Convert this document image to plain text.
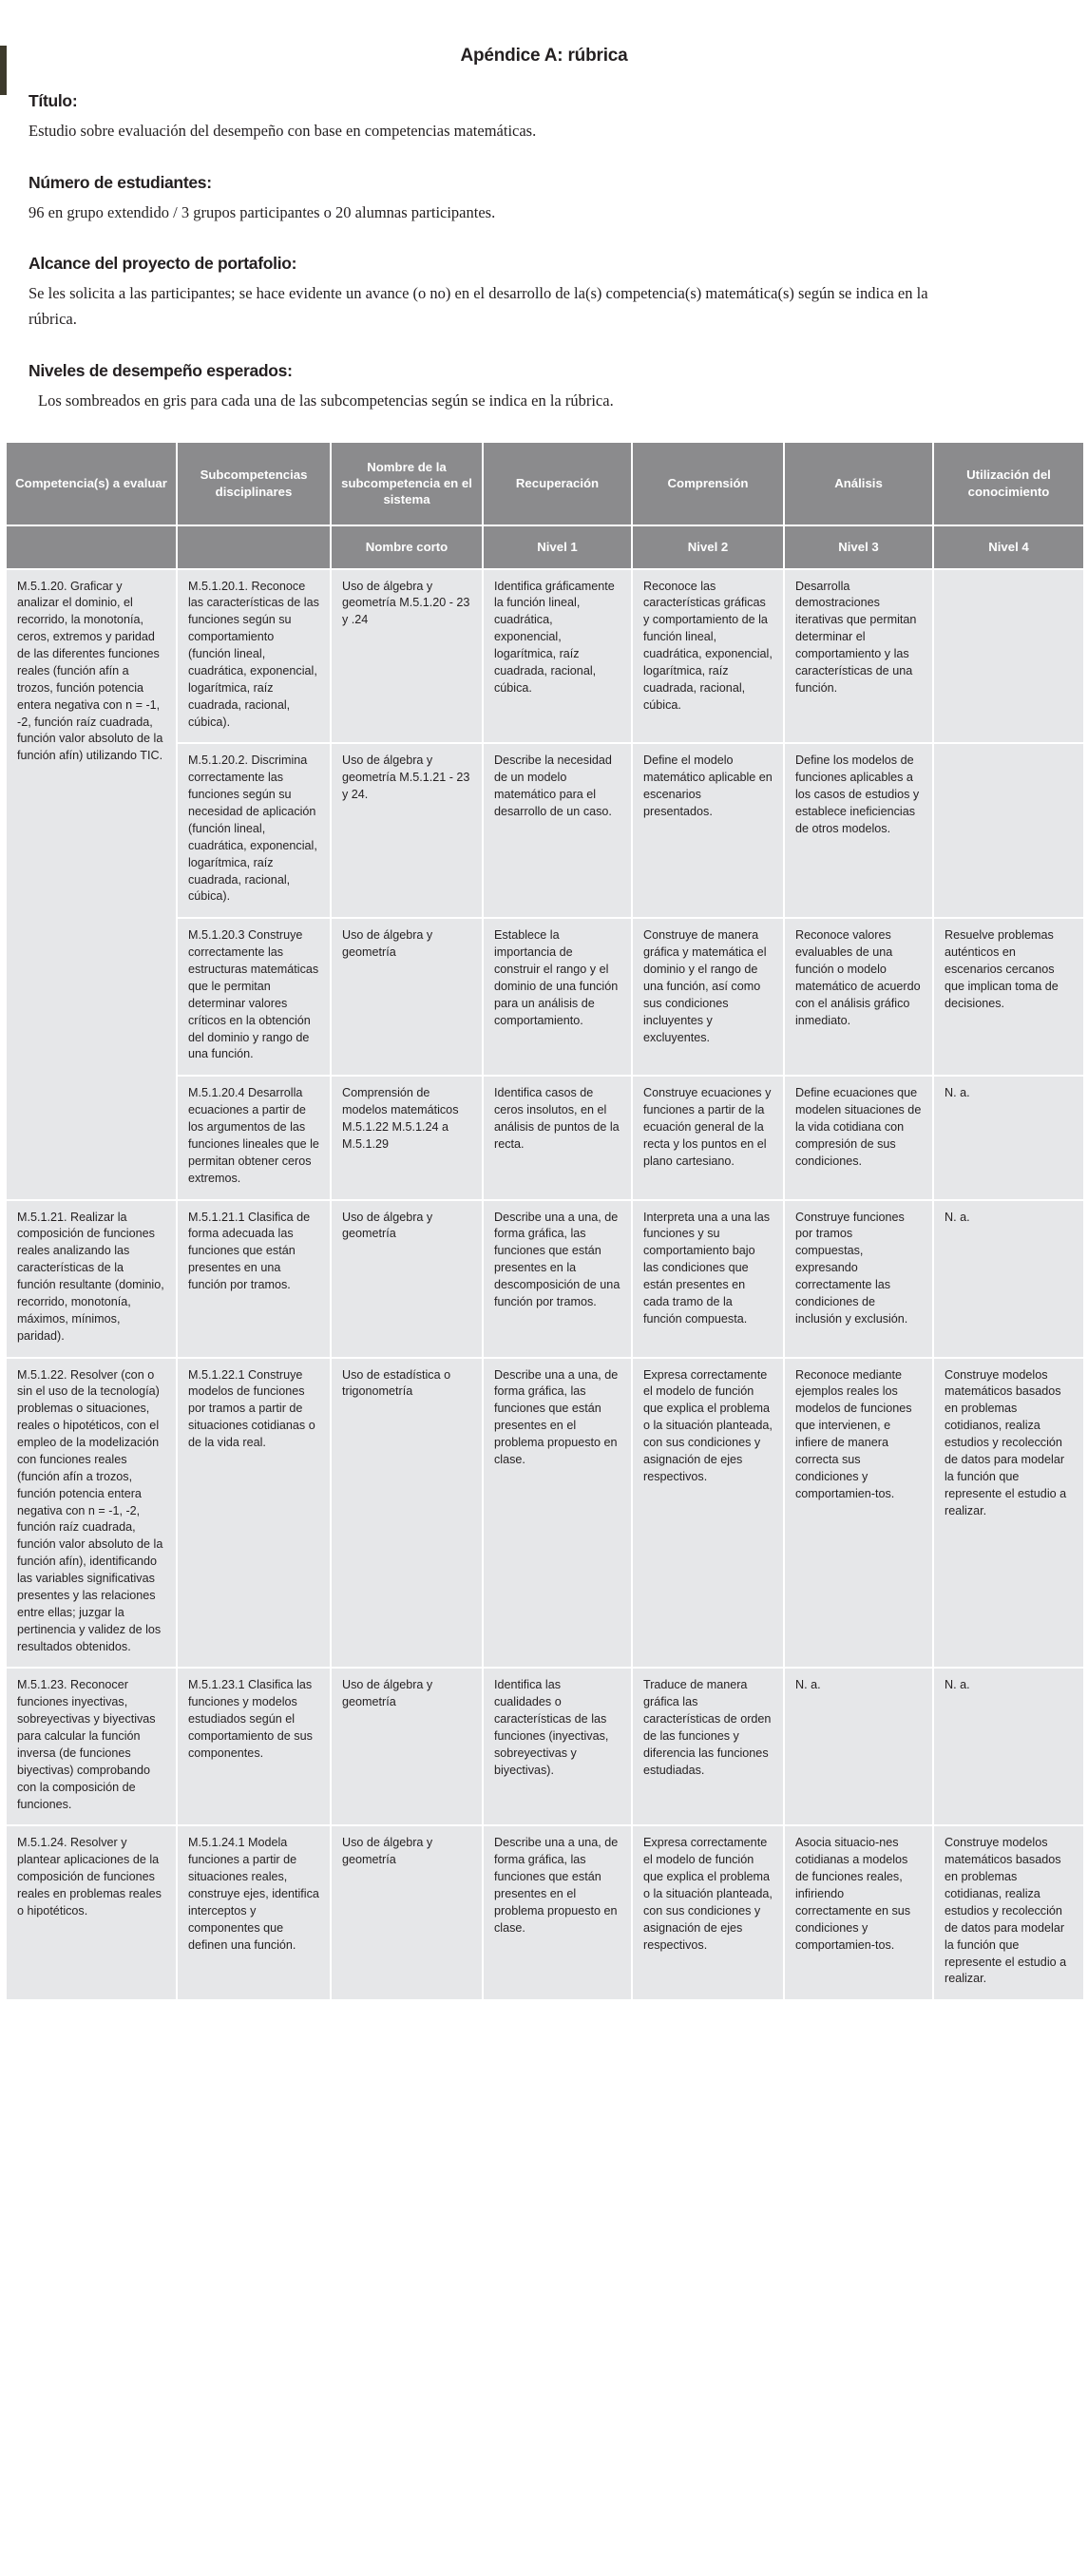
Apéndice A: rúbrica
Título:
Estudio sobre evaluación del desempeño con base en competencias matemáticas.
Número de estudiantes:
96 en grupo extendido / 3 grupos participantes o 20 alumnas participantes.
Alcance del proyecto de portafolio:
Se les solicita a las participantes; se hace evidente un avance (o no) en el desarrollo de la(s) competencia(s) matemática(s) según se indica en la rúbrica.
Niveles de desempeño esperados:
Los sombreados en gris para cada una de las subcompetencias según se indica en la rúbrica.
Competencia(s) a evaluar	Subcompetencias disciplinares	Nombre de la subcompetencia en el sistema	Recuperación	Comprensión	Análisis	Utilización del conocimiento
		Nombre corto	Nivel 1	Nivel 2	Nivel 3	Nivel 4
M.5.1.20. Graficar y analizar el dominio, el recorrido, la monotonía, ceros, extremos y paridad de las diferentes funciones reales (función afín a trozos, función potencia entera negativa con n = -1, -2, función raíz cuadrada, función valor absoluto de la función afín) utilizando TIC.	M.5.1.20.1. Reconoce las características de las funciones según su comportamiento (función lineal, cuadrática, exponencial, logarítmica, raíz cuadrada, racional, cúbica).	Uso de álgebra y geometría M.5.1.20 - 23 y .24	Identifica gráficamente la función lineal, cuadrática, exponencial, logarítmica, raíz cuadrada, racional, cúbica.	Reconoce las características gráficas y comportamiento de la función lineal, cuadrática, exponencial, logarítmica, raíz cuadrada, racional, cúbica.	Desarrolla demostraciones iterativas que permitan determinar el comportamiento y las características de una función.	
	M.5.1.20.2. Discrimina correctamente las funciones según su necesidad de aplicación (función lineal, cuadrática, exponencial, logarítmica, raíz cuadrada, racional, cúbica).	Uso de álgebra y geometría M.5.1.21 - 23 y 24.	Describe la necesidad de un modelo matemático para el desarrollo de un caso.	Define el modelo matemático aplicable en escenarios presentados.	Define los modelos de funciones aplicables a los casos de estudios y establece ineficiencias de otros modelos.	
	M.5.1.20.3 Construye correctamente las estructuras matemáticas que le permitan determinar valores críticos en la obtención del dominio y rango de una función.	Uso de álgebra y geometría	Establece la importancia de construir el rango y el dominio de una función para un análisis de comportamiento.	Construye de manera gráfica y matemática el dominio y el rango de una función, así como sus condiciones incluyentes y excluyentes.	Reconoce valores evaluables de una función o modelo matemático de acuerdo con el análisis gráfico inmediato.	Resuelve problemas auténticos en escenarios cercanos que implican toma de decisiones.
	M.5.1.20.4 Desarrolla ecuaciones a partir de los argumentos de las funciones lineales que le permitan obtener ceros extremos.	Comprensión de modelos matemáticos M.5.1.22 M.5.1.24 a M.5.1.29	Identifica casos de ceros insolutos, en el análisis de puntos de la recta.	Construye ecuaciones y funciones a partir de la ecuación general de la recta y los puntos en el plano cartesiano.	Define ecuaciones que modelen situaciones de la vida cotidiana con compresión de sus condiciones.	N. a.
M.5.1.21. Realizar la composición de funciones reales analizando las características de la función resultante (dominio, recorrido, monotonía, máximos, mínimos, paridad).	M.5.1.21.1 Clasifica de forma adecuada las funciones que están presentes en una función por tramos.	Uso de álgebra y geometría	Describe una a una, de forma gráfica, las funciones que están presentes en la descomposición de una función por tramos.	Interpreta una a una las funciones y su comportamiento bajo las condiciones que están presentes en cada tramo de la función compuesta.	Construye funciones por tramos compuestas, expresando correctamente las condiciones de inclusión y exclusión.	N. a.
M.5.1.22. Resolver (con o sin el uso de la tecnología) problemas o situaciones, reales o hipotéticos, con el empleo de la modelización con funciones reales (función afín a trozos, función potencia entera negativa con n = -1, -2, función raíz cuadrada, función valor absoluto de la función afín), identificando las variables significativas presentes y las relaciones entre ellas; juzgar la pertinencia y validez de los resultados obtenidos.	M.5.1.22.1 Construye modelos de funciones por tramos a partir de situaciones cotidianas o de la vida real.	Uso de estadística o trigonometría	Describe una a una, de forma gráfica, las funciones que están presentes en el problema propuesto en clase.	Expresa correctamente el modelo de función que explica el problema o la situación planteada, con sus condiciones y asignación de ejes respectivos.	Reconoce mediante ejemplos reales los modelos de funciones que intervienen, e infiere de manera correcta sus condiciones y comportamien-tos.	Construye modelos matemáticos basados en problemas cotidianos, realiza estudios y recolección de datos para modelar la función que represente el estudio a realizar.
M.5.1.23. Reconocer funciones inyectivas, sobreyectivas y biyectivas para calcular la función inversa (de funciones biyectivas) comprobando con la composición de funciones.	M.5.1.23.1 Clasifica las funciones y modelos estudiados según el comportamiento de sus componentes.	Uso de álgebra y geometría	Identifica las cualidades o características de las funciones (inyectivas, sobreyectivas y biyectivas).	Traduce de manera gráfica las características de orden de las funciones y diferencia las funciones estudiadas.	N. a.	N. a.
M.5.1.24. Resolver y plantear aplicaciones de la composición de funciones reales en problemas reales o hipotéticos.	M.5.1.24.1 Modela funciones a partir de situaciones reales, construye ejes, identifica interceptos y componentes que definen una función.	Uso de álgebra y geometría	Describe una a una, de forma gráfica, las funciones que están presentes en el problema propuesto en clase.	Expresa correctamente el modelo de función que explica el problema o la situación planteada, con sus condiciones y asignación de ejes respectivos.	Asocia situacio-nes cotidianas a modelos de funciones reales, infiriendo correctamente en sus condiciones y comportamien-tos.	Construye modelos matemáticos basados en problemas cotidianas, realiza estudios y recolección de datos para modelar la función que represente el estudio a realizar.
